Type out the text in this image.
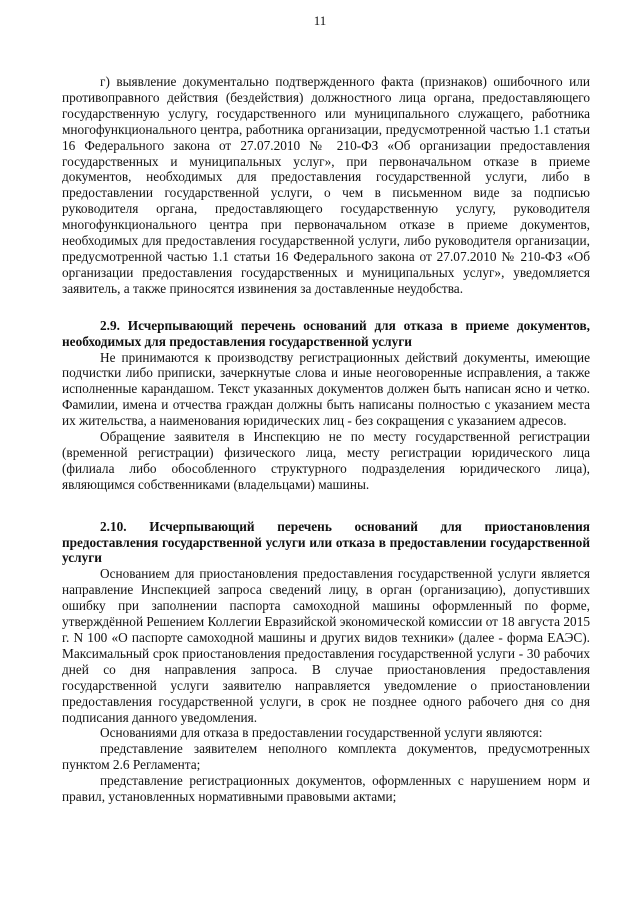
11

г) выявление документально подтвержденного факта (признаков) ошибочного или противоправного действия (бездействия) должностного лица органа, предоставляющего государственную услугу, государственного или муниципального служащего, работника многофункционального центра, работника организации, предусмотренной частью 1.1 статьи 16 Федерального закона от 27.07.2010 № 210-ФЗ «Об организации предоставления государственных и муниципальных услуг», при первоначальном отказе в приеме документов, необходимых для предоставления государственной услуги, либо в предоставлении государственной услуги, о чем в письменном виде за подписью руководителя органа, предоставляющего государственную услугу, руководителя многофункционального центра при первоначальном отказе в приеме документов, необходимых для предоставления государственной услуги, либо руководителя организации, предусмотренной частью 1.1 статьи 16 Федерального закона от 27.07.2010 № 210-ФЗ «Об организации предоставления государственных и муниципальных услуг», уведомляется заявитель, а также приносятся извинения за доставленные неудобства.

2.9. Исчерпывающий перечень оснований для отказа в приеме документов, необходимых для предоставления государственной услуги

Не принимаются к производству регистрационных действий документы, имеющие подчистки либо приписки, зачеркнутые слова и иные неоговоренные исправления, а также исполненные карандашом. Текст указанных документов должен быть написан ясно и четко. Фамилии, имена и отчества граждан должны быть написаны полностью с указанием места их жительства, а наименования юридических лиц - без сокращения с указанием адресов.

Обращение заявителя в Инспекцию не по месту государственной регистрации (временной регистрации) физического лица, месту регистрации юридического лица (филиала либо обособленного структурного подразделения юридического лица), являющимся собственниками (владельцами) машины.

2.10. Исчерпывающий перечень оснований для приостановления предоставления государственной услуги или отказа в предоставлении государственной услуги

Основанием для приостановления предоставления государственной услуги является направление Инспекцией запроса сведений лицу, в орган (организацию), допустивших ошибку при заполнении паспорта самоходной машины оформленный по форме, утверждённой Решением Коллегии Евразийской экономической комиссии от 18 августа 2015 г. N 100 «О паспорте самоходной машины и других видов техники» (далее - форма ЕАЭС). Максимальный срок приостановления предоставления государственной услуги - 30 рабочих дней со дня направления запроса. В случае приостановления предоставления государственной услуги заявителю направляется уведомление о приостановлении предоставления государственной услуги, в срок не позднее одного рабочего дня со дня подписания данного уведомления.

Основаниями для отказа в предоставлении государственной услуги являются:

представление заявителем неполного комплекта документов, предусмотренных пунктом 2.6 Регламента;

представление регистрационных документов, оформленных с нарушением норм и правил, установленных нормативными правовыми актами;
